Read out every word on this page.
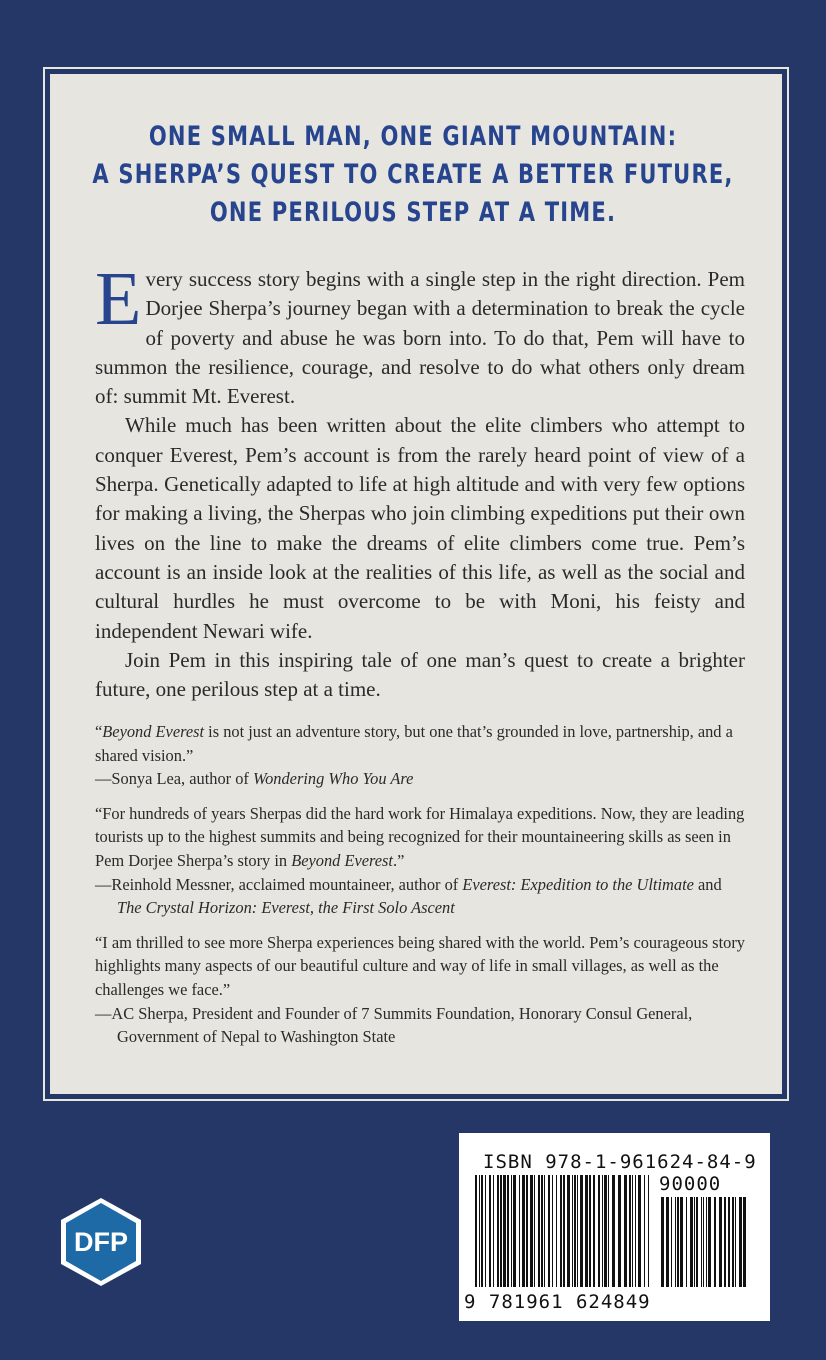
ONE SMALL MAN, ONE GIANT MOUNTAIN:
A SHERPA’S QUEST TO CREATE A BETTER FUTURE,
ONE PERILOUS STEP AT A TIME.

Every success story begins with a single step in the right direction. Pem Dorjee Sherpa’s journey began with a determination to break the cycle of poverty and abuse he was born into. To do that, Pem will have to summon the resilience, courage, and resolve to do what others only dream of: summit Mt. Everest.

While much has been written about the elite climbers who attempt to conquer Everest, Pem’s account is from the rarely heard point of view of a Sherpa. Genetically adapted to life at high altitude and with very few options for making a living, the Sherpas who join climbing expeditions put their own lives on the line to make the dreams of elite climbers come true. Pem’s account is an inside look at the realities of this life, as well as the social and cultural hurdles he must overcome to be with Moni, his feisty and independent Newari wife.

Join Pem in this inspiring tale of one man’s quest to create a brighter future, one perilous step at a time.

“Beyond Everest is not just an adventure story, but one that’s grounded in love, partnership, and a shared vision.”

—Sonya Lea, author of Wondering Who You Are

“For hundreds of years Sherpas did the hard work for Himalaya expeditions. Now, they are leading tourists up to the highest summits and being recognized for their mountaineering skills as seen in Pem Dorjee Sherpa’s story in Beyond Everest.”

—Reinhold Messner, acclaimed mountaineer, author of Everest: Expedition to the Ultimate and The Crystal Horizon: Everest, the First Solo Ascent

“I am thrilled to see more Sherpa experiences being shared with the world. Pem’s courageous story highlights many aspects of our beautiful culture and way of life in small villages, as well as the challenges we face.”

—AC Sherpa, President and Founder of 7 Summits Foundation, Honorary Consul General, Government of Nepal to Washington State

DFP
ISBN 978-1-961624-84-9
90000
9 781961 624849
